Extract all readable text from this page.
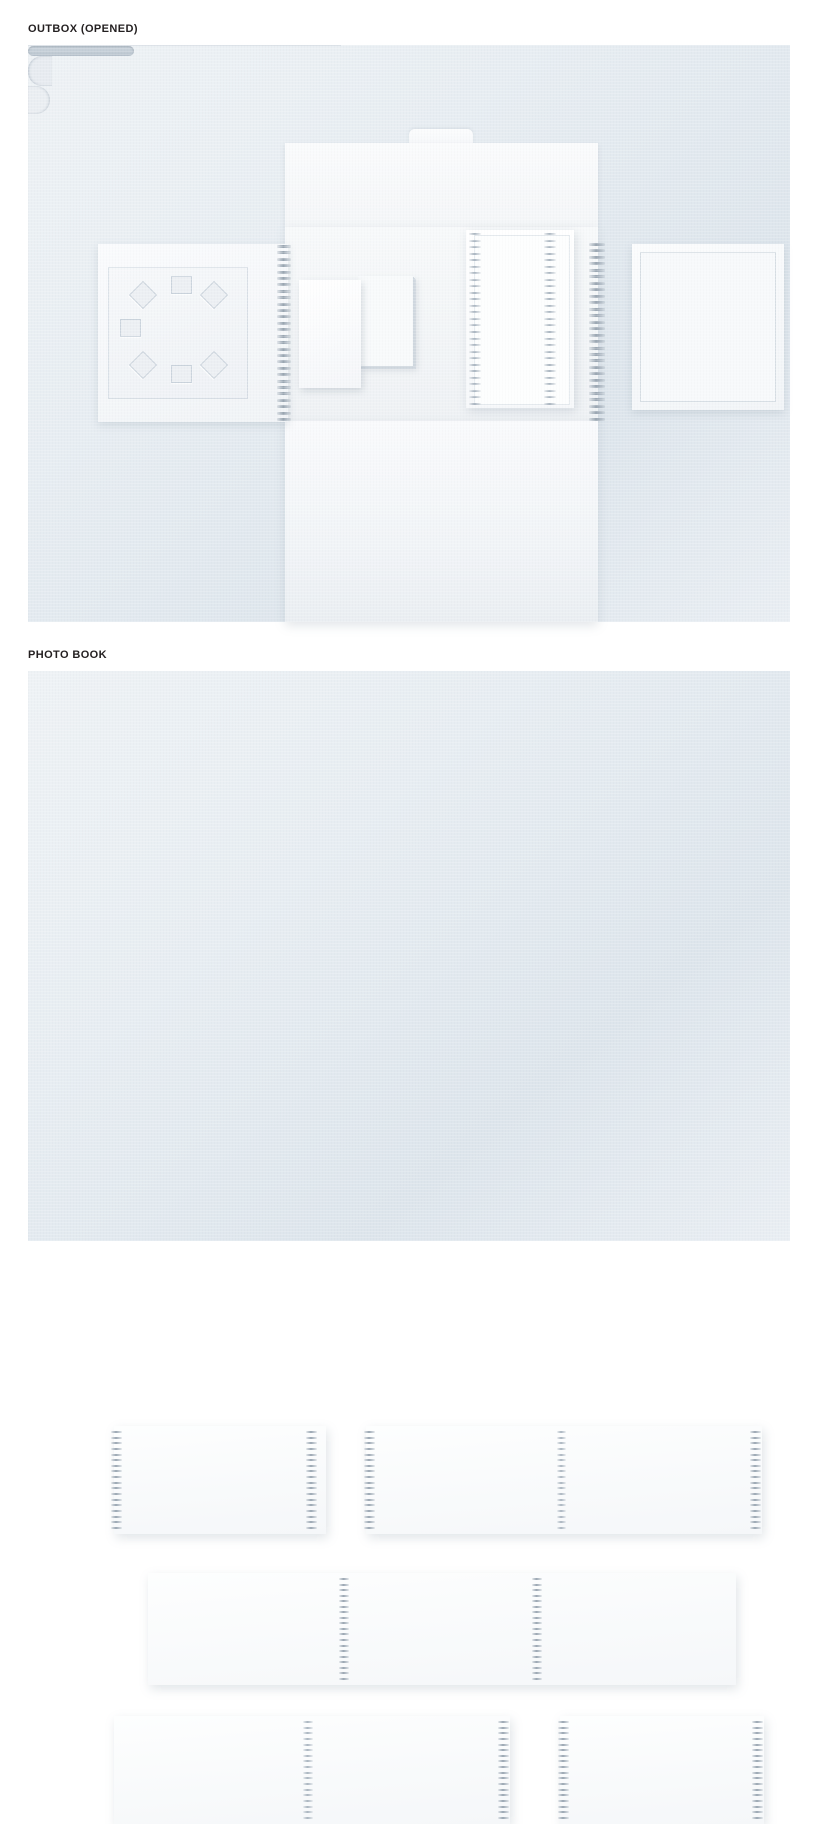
OUTBOX (OPENED)
PHOTO BOOK
